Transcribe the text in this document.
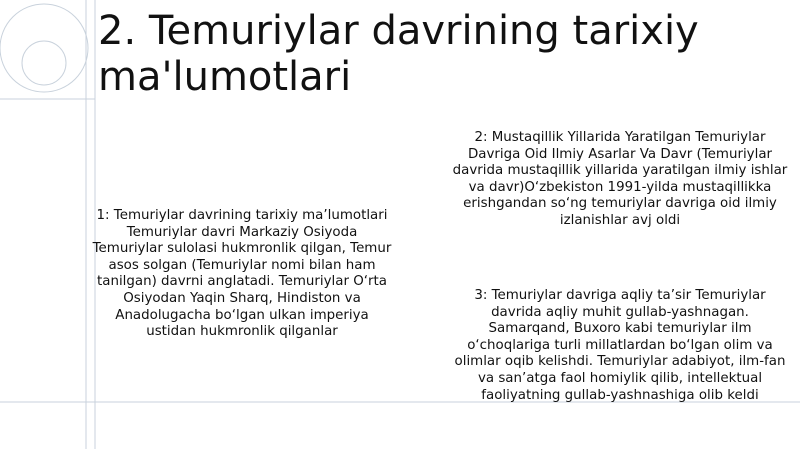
2. Temuriylar davrining tarixiy ma'lumotlari

1: Temuriylar davrining tarixiy ma’lumotlari Temuriylar davri Markaziy Osiyoda Temuriylar sulolasi hukmronlik qilgan, Temur asos solgan (Temuriylar nomi bilan ham tanilgan) davrni anglatadi. Temuriylar O‘rta Osiyodan Yaqin Sharq, Hindiston va Anadolugacha bo‘lgan ulkan imperiya ustidan hukmronlik qilganlar

2: Mustaqillik Yillarida Yaratilgan Temuriylar Davriga Oid Ilmiy Asarlar Va Davr (Temuriylar davrida mustaqillik yillarida yaratilgan ilmiy ishlar va davr)O‘zbekiston 1991-yilda mustaqillikka erishgandan so‘ng temuriylar davriga oid ilmiy izlanishlar avj oldi

3: Temuriylar davriga aqliy ta’sir Temuriylar davrida aqliy muhit gullab-yashnagan. Samarqand, Buxoro kabi temuriylar ilm o‘choqlariga turli millatlardan bo‘lgan olim va olimlar oqib kelishdi. Temuriylar adabiyot, ilm-fan va san’atga faol homiylik qilib, intellektual faoliyatning gullab-yashnashiga olib keldi
